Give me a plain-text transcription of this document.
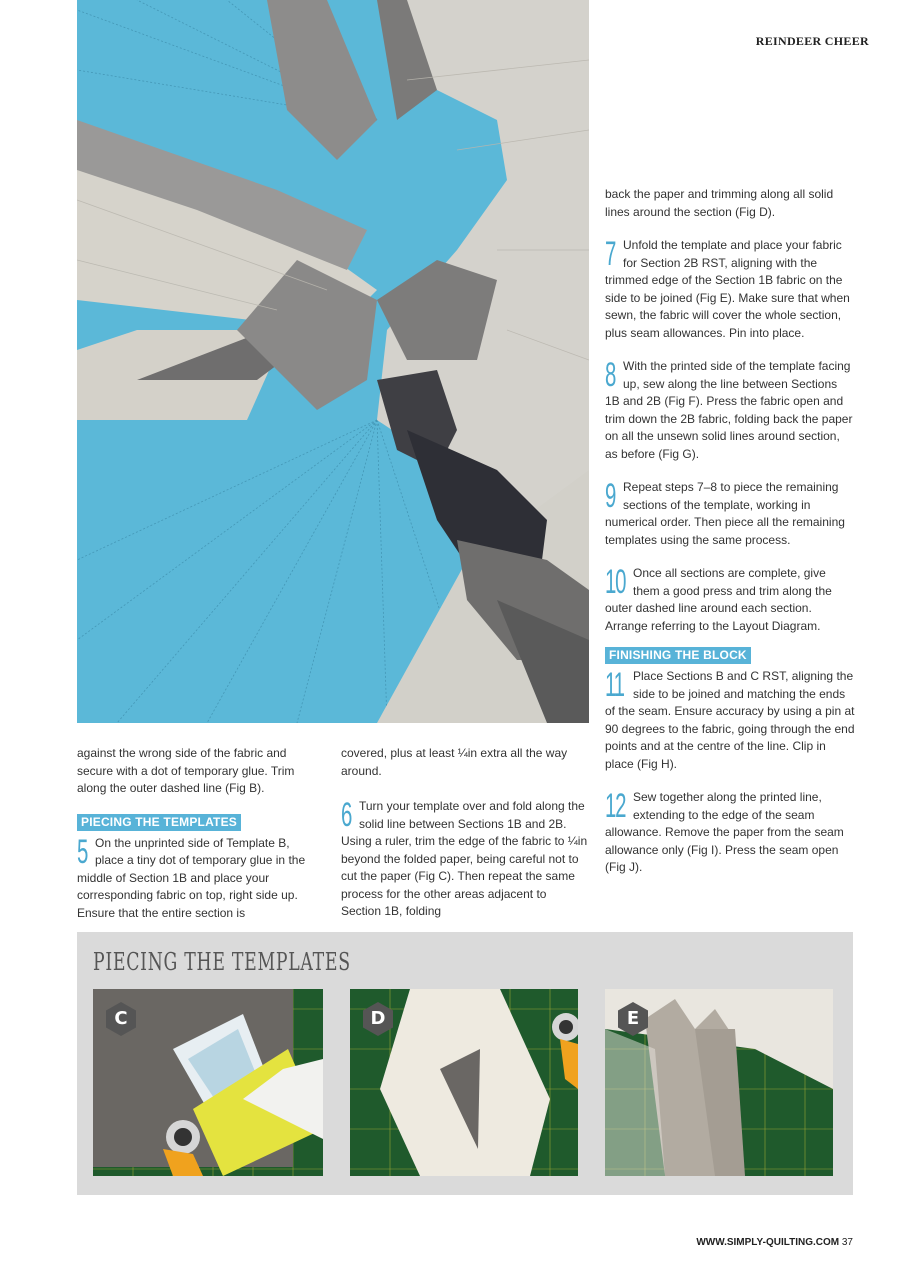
REINDEER CHEER

against the wrong side of the fabric and secure with a dot of temporary glue. Trim along the outer dashed line (Fig B).

PIECING THE TEMPLATES

5 On the unprinted side of Template B, place a tiny dot of temporary glue in the middle of Section 1B and place your corresponding fabric on top, right side up. Ensure that the entire section is

covered, plus at least ¼in extra all the way around.

6 Turn your template over and fold along the solid line between Sections 1B and 2B. Using a ruler, trim the edge of the fabric to ¼in beyond the folded paper, being careful not to cut the paper (Fig C). Then repeat the same process for the other areas adjacent to Section 1B, folding

back the paper and trimming along all solid lines around the section (Fig D).

7 Unfold the template and place your fabric for Section 2B RST, aligning with the trimmed edge of the Section 1B fabric on the side to be joined (Fig E). Make sure that when sewn, the fabric will cover the whole section, plus seam allowances. Pin into place.

8 With the printed side of the template facing up, sew along the line between Sections 1B and 2B (Fig F). Press the fabric open and trim down the 2B fabric, folding back the paper on all the unsewn solid lines around section, as before (Fig G).

9 Repeat steps 7–8 to piece the remaining sections of the template, working in numerical order. Then piece all the remaining templates using the same process.

10 Once all sections are complete, give them a good press and trim along the outer dashed line around each section. Arrange referring to the Layout Diagram.

FINISHING THE BLOCK

11 Place Sections B and C RST, aligning the side to be joined and matching the ends of the seam. Ensure accuracy by using a pin at 90 degrees to the fabric, going through the end points and at the centre of the line. Clip in place (Fig H).

12 Sew together along the printed line, extending to the edge of the seam allowance. Remove the paper from the seam allowance only (Fig I). Press the seam open (Fig J).

PIECING THE TEMPLATES
C	D	E
WWW.SIMPLY-QUILTING.COM 37
